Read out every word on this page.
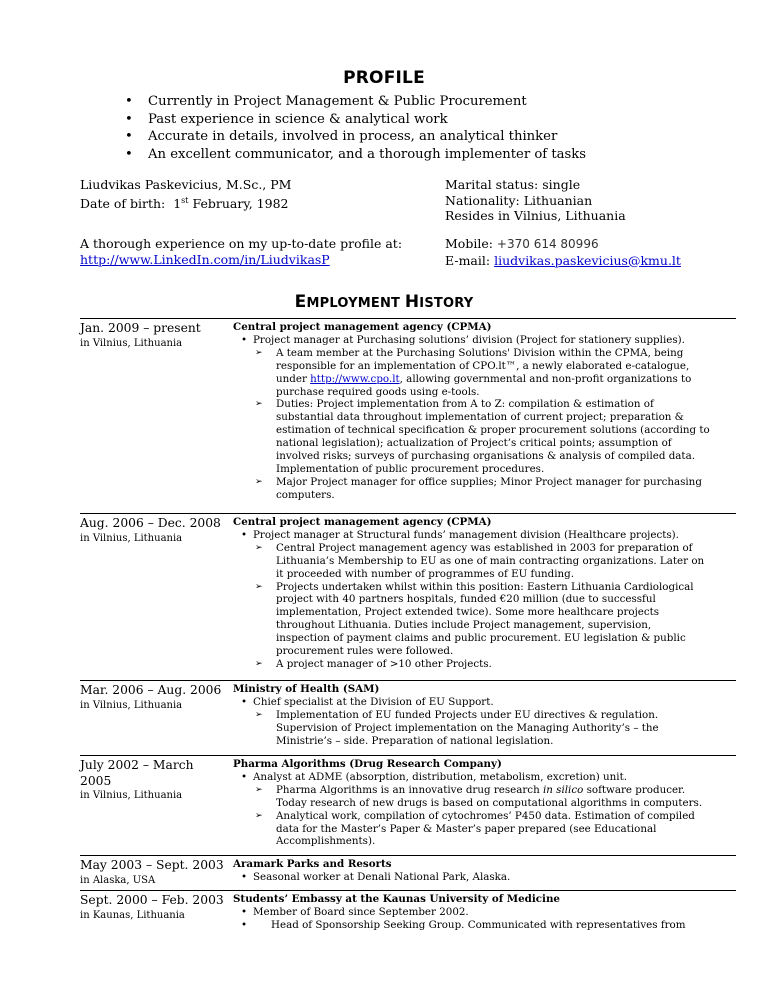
PROFILE
• Currently in Project Management & Public Procurement
• Past experience in science & analytical work
• Accurate in details, involved in process, an analytical thinker
• An excellent communicator, and a thorough implementer of tasks
Liudvikas Paskevicius, M.Sc., PM
Date of birth: 1st February, 1982
A thorough experience on my up-to-date profile at:
http://www.LinkedIn.com/in/LiudvikasP
Marital status: single
Nationality: Lithuanian
Resides in Vilnius, Lithuania
Mobile: +370 614 80996
E-mail: liudvikas.paskevicius@kmu.lt
EMPLOYMENT HISTORY
Jan. 2009 – present
in Vilnius, Lithuania
Central project management agency (CPMA)
• Project manager at Purchasing solutions’ division (Project for stationery supplies).
➢ A team member at the Purchasing Solutions' Division within the CPMA, being
responsible for an implementation of CPO.lt™, a newly elaborated e-catalogue,
under http://www.cpo.lt, allowing governmental and non-profit organizations to
purchase required goods using e-tools.
➢ Duties: Project implementation from A to Z: compilation & estimation of
substantial data throughout implementation of current project; preparation &
estimation of technical specification & proper procurement solutions (according to
national legislation); actualization of Project’s critical points; assumption of
involved risks; surveys of purchasing organisations & analysis of compiled data.
Implementation of public procurement procedures.
➢ Major Project manager for office supplies; Minor Project manager for purchasing
computers.
Aug. 2006 – Dec. 2008
in Vilnius, Lithuania
Central project management agency (CPMA)
• Project manager at Structural funds’ management division (Healthcare projects).
➢ Central Project management agency was established in 2003 for preparation of
Lithuania’s Membership to EU as one of main contracting organizations. Later on
it proceeded with number of programmes of EU funding.
➢ Projects undertaken whilst within this position: Eastern Lithuania Cardiological
project with 40 partners hospitals, funded €20 million (due to successful
implementation, Project extended twice). Some more healthcare projects
throughout Lithuania. Duties include Project management, supervision,
inspection of payment claims and public procurement. EU legislation & public
procurement rules were followed.
➢ A project manager of >10 other Projects.
Mar. 2006 – Aug. 2006
in Vilnius, Lithuania
Ministry of Health (SAM)
• Chief specialist at the Division of EU Support.
➢ Implementation of EU funded Projects under EU directives & regulation.
Supervision of Project implementation on the Managing Authority’s – the
Ministrie’s – side. Preparation of national legislation.
July 2002 – March 2005
in Vilnius, Lithuania
Pharma Algorithms (Drug Research Company)
• Analyst at ADME (absorption, distribution, metabolism, excretion) unit.
➢ Pharma Algorithms is an innovative drug research in silico software producer.
Today research of new drugs is based on computational algorithms in computers.
➢ Analytical work, compilation of cytochromes’ P450 data. Estimation of compiled
data for the Master’s Paper & Master’s paper prepared (see Educational
Accomplishments).
May 2003 – Sept. 2003
in Alaska, USA
Aramark Parks and Resorts
• Seasonal worker at Denali National Park, Alaska.
Sept. 2000 – Feb. 2003
in Kaunas, Lithuania
Students’ Embassy at the Kaunas University of Medicine
• Member of Board since September 2002.
• Head of Sponsorship Seeking Group. Communicated with representatives from
